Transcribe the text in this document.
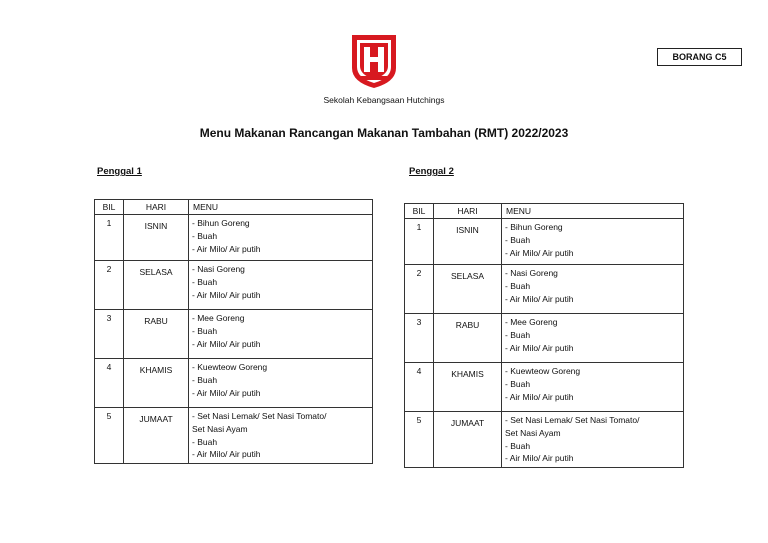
BORANG C5
Sekolah Kebangsaan Hutchings
Menu Makanan Rancangan Makanan Tambahan (RMT) 2022/2023
Penggal 1	Penggal 2
BIL	HARI	MENU
1	ISNIN	- Bihun Goreng
- Buah
- Air Milo/ Air putih

2	SELASA	- Nasi Goreng
- Buah
- Air Milo/ Air putih

3	RABU	- Mee Goreng
- Buah
- Air Milo/ Air putih

4	KHAMIS	- Kuewteow Goreng
- Buah
- Air Milo/ Air putih

5	JUMAAT	- Set Nasi Lemak/ Set Nasi Tomato/
Set Nasi Ayam
- Buah
- Air Milo/ Air putih
BIL	HARI	MENU
1	ISNIN	- Bihun Goreng
- Buah
- Air Milo/ Air putih

2	SELASA	- Nasi Goreng
- Buah
- Air Milo/ Air putih

3	RABU	- Mee Goreng
- Buah
- Air Milo/ Air putih

4	KHAMIS	- Kuewteow Goreng
- Buah
- Air Milo/ Air putih

5	JUMAAT	- Set Nasi Lemak/ Set Nasi Tomato/
Set Nasi Ayam
- Buah
- Air Milo/ Air putih
